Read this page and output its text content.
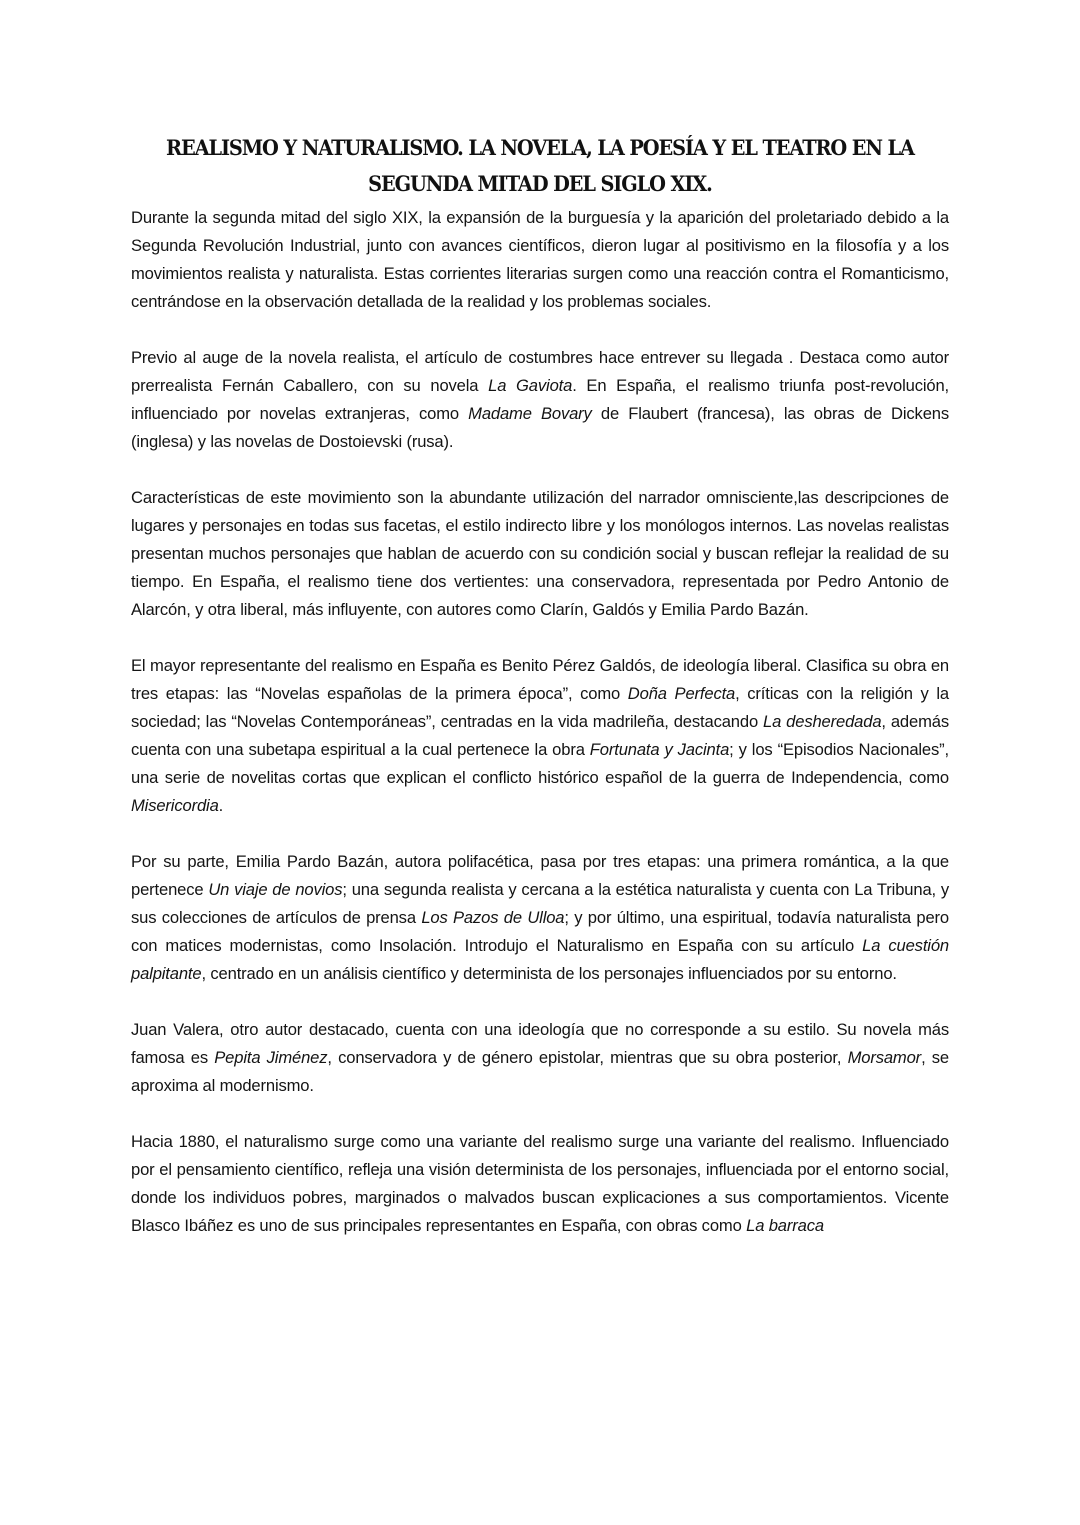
REALISMO Y NATURALISMO. LA NOVELA, LA POESÍA Y EL TEATRO EN LA
SEGUNDA MITAD DEL SIGLO XIX.

Durante la segunda mitad del siglo XIX, la expansión de la burguesía y la aparición del proletariado debido a la Segunda Revolución Industrial, junto con avances científicos, dieron lugar al positivismo en la filosofía y a los movimientos realista y naturalista. Estas corrientes literarias surgen como una reacción contra el Romanticismo, centrándose en la observación detallada de la realidad y los problemas sociales.

Previo al auge de la novela realista, el artículo de costumbres hace entrever su llegada . Destaca como autor prerrealista Fernán Caballero, con su novela La Gaviota. En España, el realismo triunfa post-revolución, influenciado por novelas extranjeras, como Madame Bovary de Flaubert (francesa), las obras de Dickens (inglesa) y las novelas de Dostoievski (rusa).

Características de este movimiento son la abundante utilización del narrador omnisciente,las descripciones de lugares y personajes en todas sus facetas, el estilo indirecto libre y los monólogos internos. Las novelas realistas presentan muchos personajes que hablan de acuerdo con su condición social y buscan reflejar la realidad de su tiempo. En España, el realismo tiene dos vertientes: una conservadora, representada por Pedro Antonio de Alarcón, y otra liberal, más influyente, con autores como Clarín, Galdós y Emilia Pardo Bazán.

El mayor representante del realismo en España es Benito Pérez Galdós, de ideología liberal. Clasifica su obra en tres etapas: las “Novelas españolas de la primera época”, como Doña Perfecta, críticas con la religión y la sociedad; las “Novelas Contemporáneas”, centradas en la vida madrileña, destacando La desheredada, además cuenta con una subetapa espiritual a la cual pertenece la obra Fortunata y Jacinta; y los “Episodios Nacionales”, una serie de novelitas cortas que explican el conflicto histórico español de la guerra de Independencia, como Misericordia.

Por su parte, Emilia Pardo Bazán, autora polifacética, pasa por tres etapas: una primera romántica, a la que pertenece Un viaje de novios; una segunda realista y cercana a la estética naturalista y cuenta con La Tribuna, y sus colecciones de artículos de prensa Los Pazos de Ulloa; y por último, una espiritual, todavía naturalista pero con matices modernistas, como Insolación. Introdujo el Naturalismo en España con su artículo La cuestión palpitante, centrado en un análisis científico y determinista de los personajes influenciados por su entorno.

Juan Valera, otro autor destacado, cuenta con una ideología que no corresponde a su estilo. Su novela más famosa es Pepita Jiménez, conservadora y de género epistolar, mientras que su obra posterior, Morsamor, se aproxima al modernismo.

Hacia 1880, el naturalismo surge como una variante del realismo surge una variante del realismo. Influenciado por el pensamiento científico, refleja una visión determinista de los personajes, influenciada por el entorno social, donde los individuos pobres, marginados o malvados buscan explicaciones a sus comportamientos. Vicente Blasco Ibáñez es uno de sus principales representantes en España, con obras como La barraca
